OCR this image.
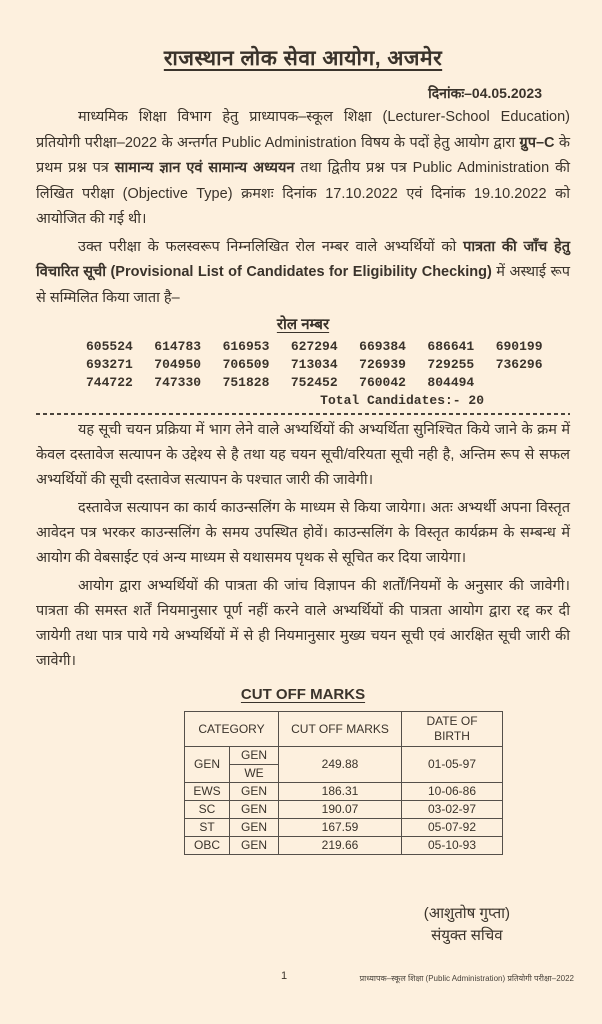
राजस्थान लोक सेवा आयोग, अजमेर
दिनांकः–04.05.2023

माध्यमिक शिक्षा विभाग हेतु प्राध्यापक–स्कूल शिक्षा (Lecturer-School Education) प्रतियोगी परीक्षा–2022 के अन्तर्गत Public Administration विषय के पदों हेतु आयोग द्वारा ग्रुप–C के प्रथम प्रश्न पत्र सामान्य ज्ञान एवं सामान्य अध्ययन तथा द्वितीय प्रश्न पत्र Public Administration की लिखित परीक्षा (Objective Type) क्रमशः दिनांक 17.10.2022 एवं दिनांक 19.10.2022 को आयोजित की गई थी।

उक्त परीक्षा के फलस्वरूप निम्नलिखित रोल नम्बर वाले अभ्यर्थियों को पात्रता की जाँच हेतु विचारित सूची (Provisional List of Candidates for Eligibility Checking) में अस्थाई रूप से सम्मिलित किया जाता है–

रोल नम्बर
605524	614783	616953	627294	669384	686641	690199
693271	704950	706509	713034	726939	729255	736296
744722	747330	751828	752452	760042	804494
Total Candidates:- 20

यह सूची चयन प्रक्रिया में भाग लेने वाले अभ्यर्थियों की अभ्यर्थिता सुनिश्चित किये जाने के क्रम में केवल दस्तावेज सत्यापन के उद्देश्य से है तथा यह चयन सूची/वरियता सूची नही है, अन्तिम रूप से सफल अभ्यर्थियों की सूची दस्तावेज सत्यापन के पश्चात जारी की जावेगी।

दस्तावेज सत्यापन का कार्य काउन्सलिंग के माध्यम से किया जायेगा। अतः अभ्यर्थी अपना विस्तृत आवेदन पत्र भरकर काउन्सलिंग के समय उपस्थित होवें। काउन्सलिंग के विस्तृत कार्यक्रम के सम्बन्ध में आयोग की वेबसाईट एवं अन्य माध्यम से यथासमय पृथक से सूचित कर दिया जायेगा।

आयोग द्वारा अभ्यर्थियों की पात्रता की जांच विज्ञापन की शर्तों/नियमों के अनुसार की जावेगी। पात्रता की समस्त शर्तें नियमानुसार पूर्ण नहीं करने वाले अभ्यर्थियों की पात्रता आयोग द्वारा रद्द कर दी जायेगी तथा पात्र पाये गये अभ्यर्थियों में से ही नियमानुसार मुख्य चयन सूची एवं आरक्षित सूची जारी की जावेगी।

CUT OFF MARKS
CATEGORY		CUT OFF MARKS	DATE OF BIRTH
GEN	GEN	249.88	01-05-97
	WE		
EWS	GEN	186.31	10-06-86
SC	GEN	190.07	03-02-97
ST	GEN	167.59	05-07-92
OBC	GEN	219.66	05-10-93
(आशुतोष गुप्ता)
संयुक्त सचिव
1	प्राध्यापक–स्कूल शिक्षा (Public Administration) प्रतियोगी परीक्षा–2022
